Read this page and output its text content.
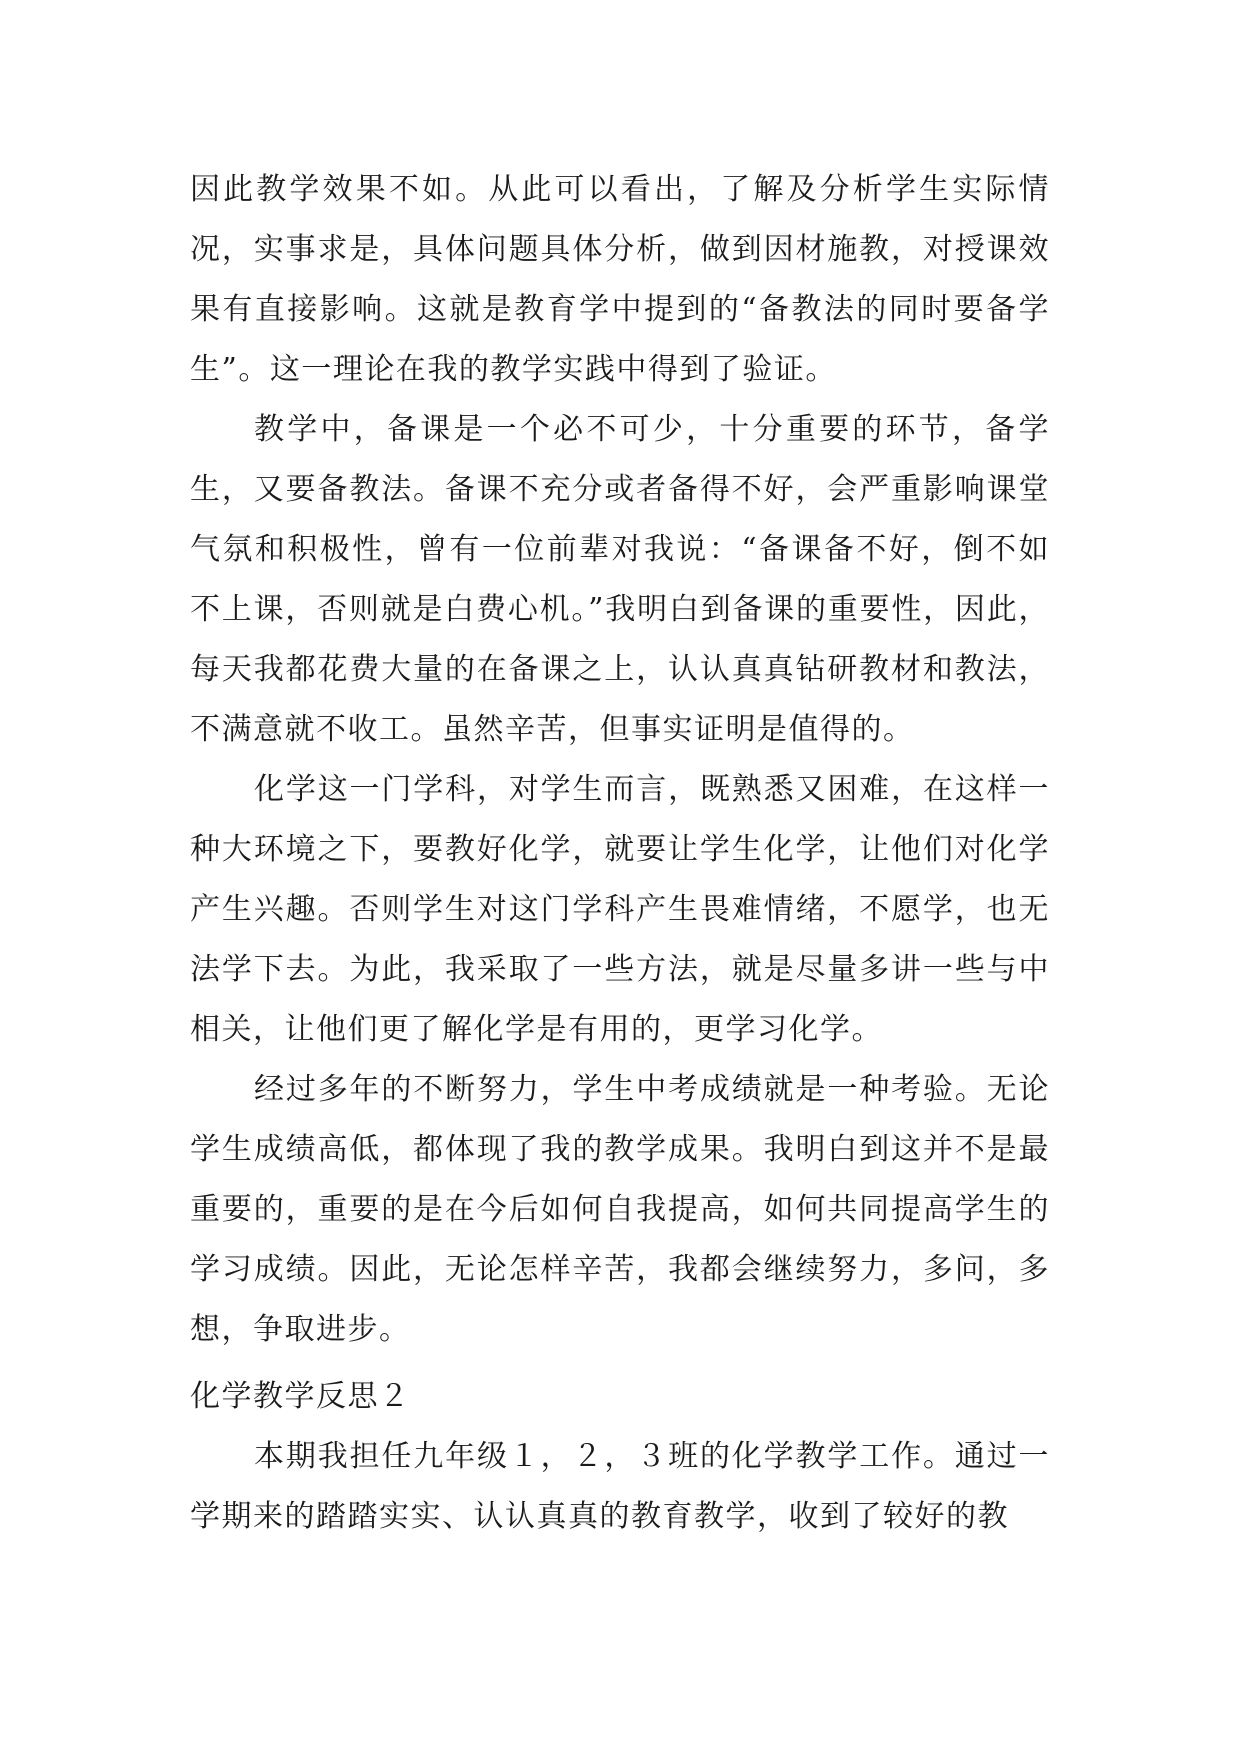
因此教学效果不如。从此可以看出，了解及分析学生实际情况，实事求是，具体问题具体分析，做到因材施教，对授课效果有直接影响。这就是教育学中提到的“备教法的同时要备学生”。这一理论在我的教学实践中得到了验证。

教学中，备课是一个必不可少，十分重要的环节，备学生，又要备教法。备课不充分或者备得不好，会严重影响课堂气氛和积极性，曾有一位前辈对我说：“备课备不好，倒不如不上课，否则就是白费心机。”我明白到备课的重要性，因此，每天我都花费大量的在备课之上，认认真真钻研教材和教法，不满意就不收工。虽然辛苦，但事实证明是值得的。

化学这一门学科，对学生而言，既熟悉又困难，在这样一种大环境之下，要教好化学，就要让学生化学，让他们对化学产生兴趣。否则学生对这门学科产生畏难情绪，不愿学，也无法学下去。为此，我采取了一些方法，就是尽量多讲一些与中相关，让他们更了解化学是有用的，更学习化学。

经过多年的不断努力，学生中考成绩就是一种考验。无论学生成绩高低，都体现了我的教学成果。我明白到这并不是最重要的，重要的是在今后如何自我提高，如何共同提高学生的学习成绩。因此，无论怎样辛苦，我都会继续努力，多问，多想，争取进步。

化学教学反思２

本期我担任九年级１，２，３班的化学教学工作。通过一学期来的踏踏实实、认认真真的教育教学，收到了较好的教
